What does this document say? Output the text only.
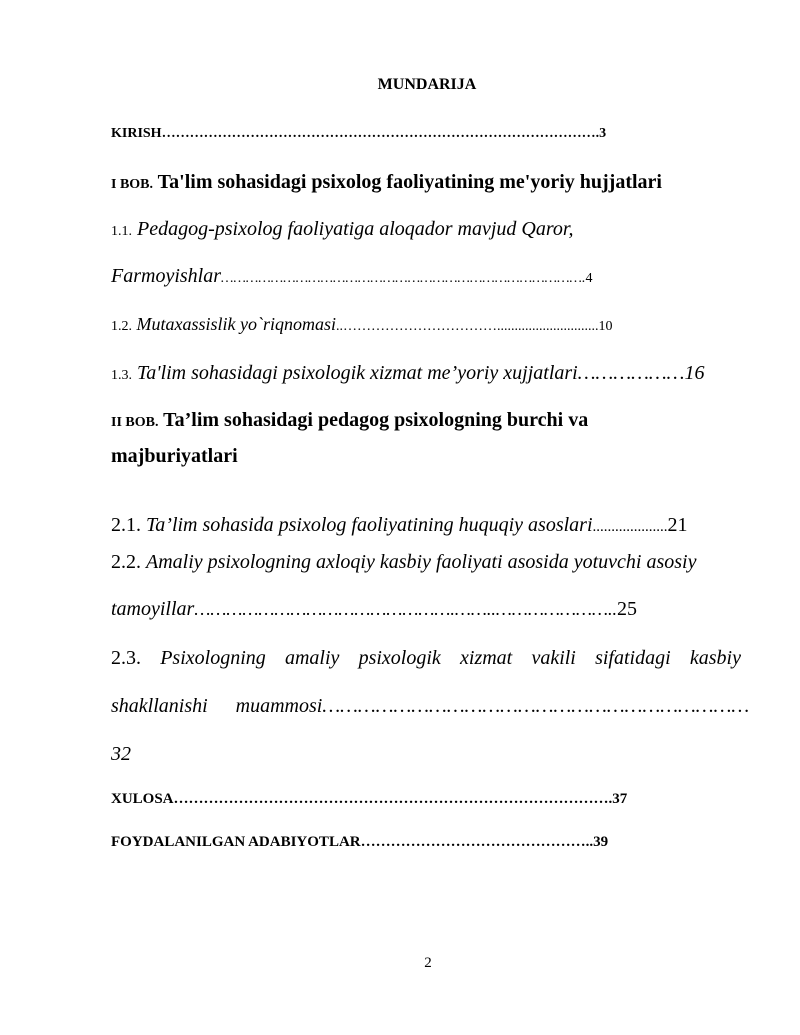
MUNDARIJA
KIRISH………………………………………………………………………………….3
I BOB. Ta'lim sohasidagi psixolog faoliyatining me'yoriy hujjatlari
1.1. Pedagog-psixolog faoliyatiga aloqador mavjud Qaror,
Farmoyishlar…………………………………………………………………………….4
1.2. Mutaxassislik yo`riqnomasi..…………………………….............................10
1.3. Ta'lim sohasidagi psixologik xizmat me’yoriy xujjatlari………………16
II BOB. Ta’lim sohasidagi pedagog psixologning burchi va
majburiyatlari
2.1. Ta’lim sohasida psixolog faoliyatining huquqiy asoslari....................21
2.2. Amaliy psixologning axloqiy kasbiy faoliyati asosida yotuvchi asosiy
tamoyillar………………………………………….……..…………………..25
2.3. Psixologning amaliy psixologik xizmat vakili sifatidagi kasbiy
shakllanishi muammosi………………………………………………………………
32
XULOSA…………………………………………………………………………….37
FOYDALANILGAN ADABIYOTLAR………………………………………..39
2
